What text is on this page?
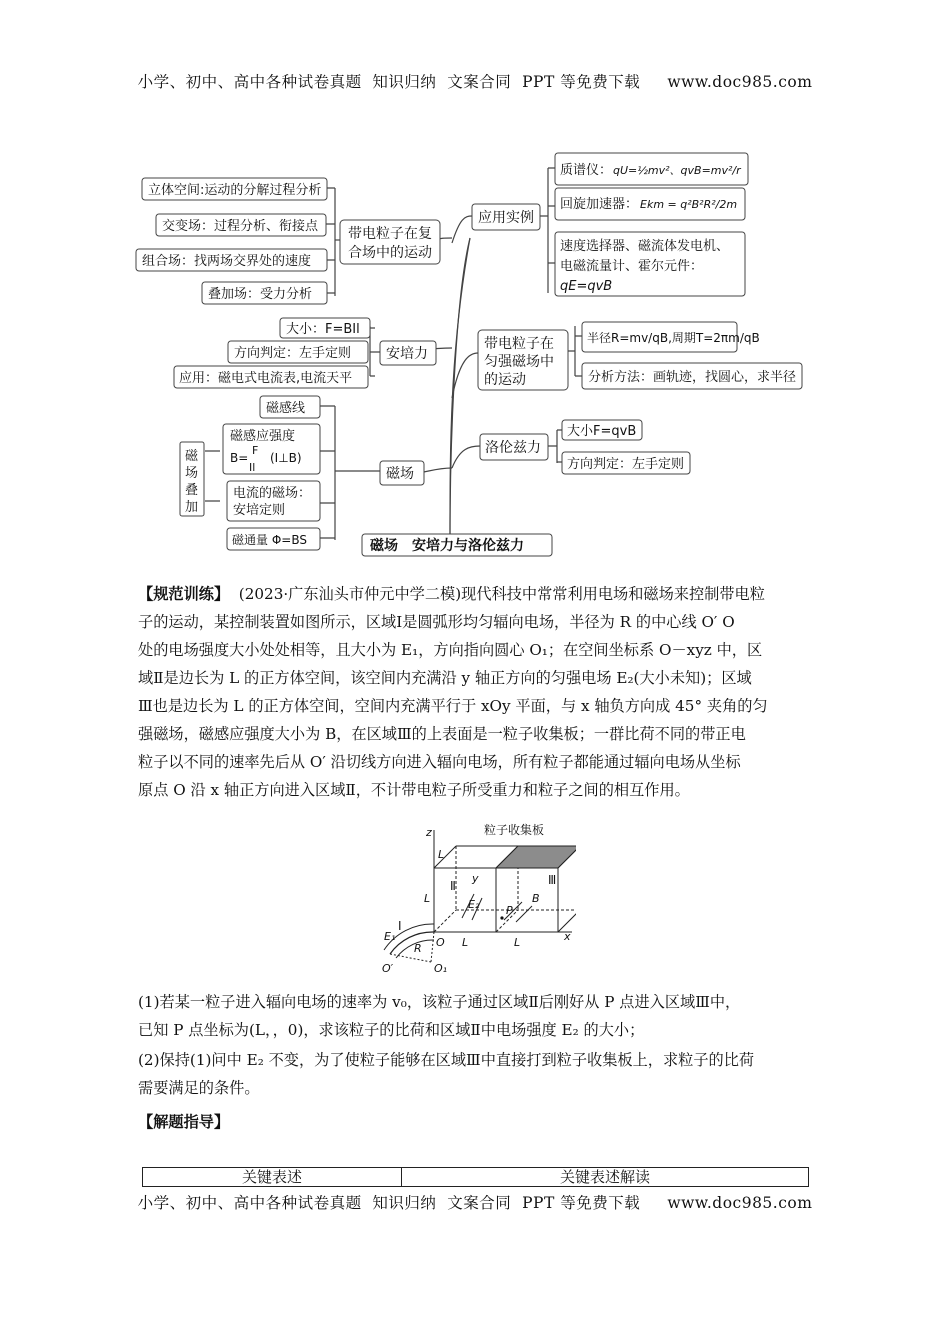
小学、初中、高中各种试卷真题  知识归纳  文案合同  PPT 等免费下载     www.doc985.com
立体空间:运动的分解过程分析
交变场：过程分析、衔接点
组合场：找两场交界处的速度
叠加场：受力分析
带电粒子在复
合场中的运动
大小：F=BIl
方向判定：左手定则
应用：磁电式电流表,电流天平
安培力
磁感线
磁感应强度
B=
F
Il
(I⊥B)
电流的磁场：
安培定则
磁通量 Φ=BS
磁
场
叠
加
磁场
磁场　安培力与洛伦兹力
应用实例
质谱仪： qU=½mv²、qvB=mv²/r
回旋加速器： Ekm = q²B²R²/2m
速度选择器、磁流体发电机、
电磁流量计、霍尔元件：
qE=qvB
带电粒子在
匀强磁场中
的运动
半径R=mv/qB,周期T=2πm/qB
分析方法：画轨迹，找圆心，求半径
洛伦兹力
大小F=qvB
方向判定：左手定则
【规范训练】 (2023·广东汕头市仲元中学二模)现代科技中常常利用电场和磁场来控制带电粒
子的运动，某控制装置如图所示，区域Ⅰ是圆弧形均匀辐向电场，半径为 R 的中心线 O′ O
处的电场强度大小处处相等，且大小为 E₁，方向指向圆心 O₁；在空间坐标系 O－xyz 中，区
域Ⅱ是边长为 L 的正方体空间，该空间内充满沿 y 轴正方向的匀强电场 E₂(大小未知)；区域
Ⅲ也是边长为 L 的正方体空间，空间内充满平行于 xOy 平面，与 x 轴负方向成 45° 夹角的匀
强磁场，磁感应强度大小为 B，在区域Ⅲ的上表面是一粒子收集板；一群比荷不同的带正电
粒子以不同的速率先后从 O′ 沿切线方向进入辐向电场，所有粒子都能通过辐向电场从坐标
原点 O 沿 x 轴正方向进入区域Ⅱ，不计带电粒子所受重力和粒子之间的相互作用。
粒子收集板
z
x
y
L
L
L	L
Ⅱ	Ⅲ
Ⅰ
E₂	B
P
O
E₁
R
O′	O₁
(1)若某一粒子进入辐向电场的速率为 v₀，该粒子通过区域Ⅱ后刚好从 P 点进入区域Ⅲ中，
已知 P 点坐标为(L，，0)，求该粒子的比荷和区域Ⅱ中电场强度 E₂ 的大小；
(2)保持(1)问中 E₂ 不变，为了使粒子能够在区域Ⅲ中直接打到粒子收集板上，求粒子的比荷
需要满足的条件。
【解题指导】
关键表述	关键表述解读
小学、初中、高中各种试卷真题  知识归纳  文案合同  PPT 等免费下载     www.doc985.com
